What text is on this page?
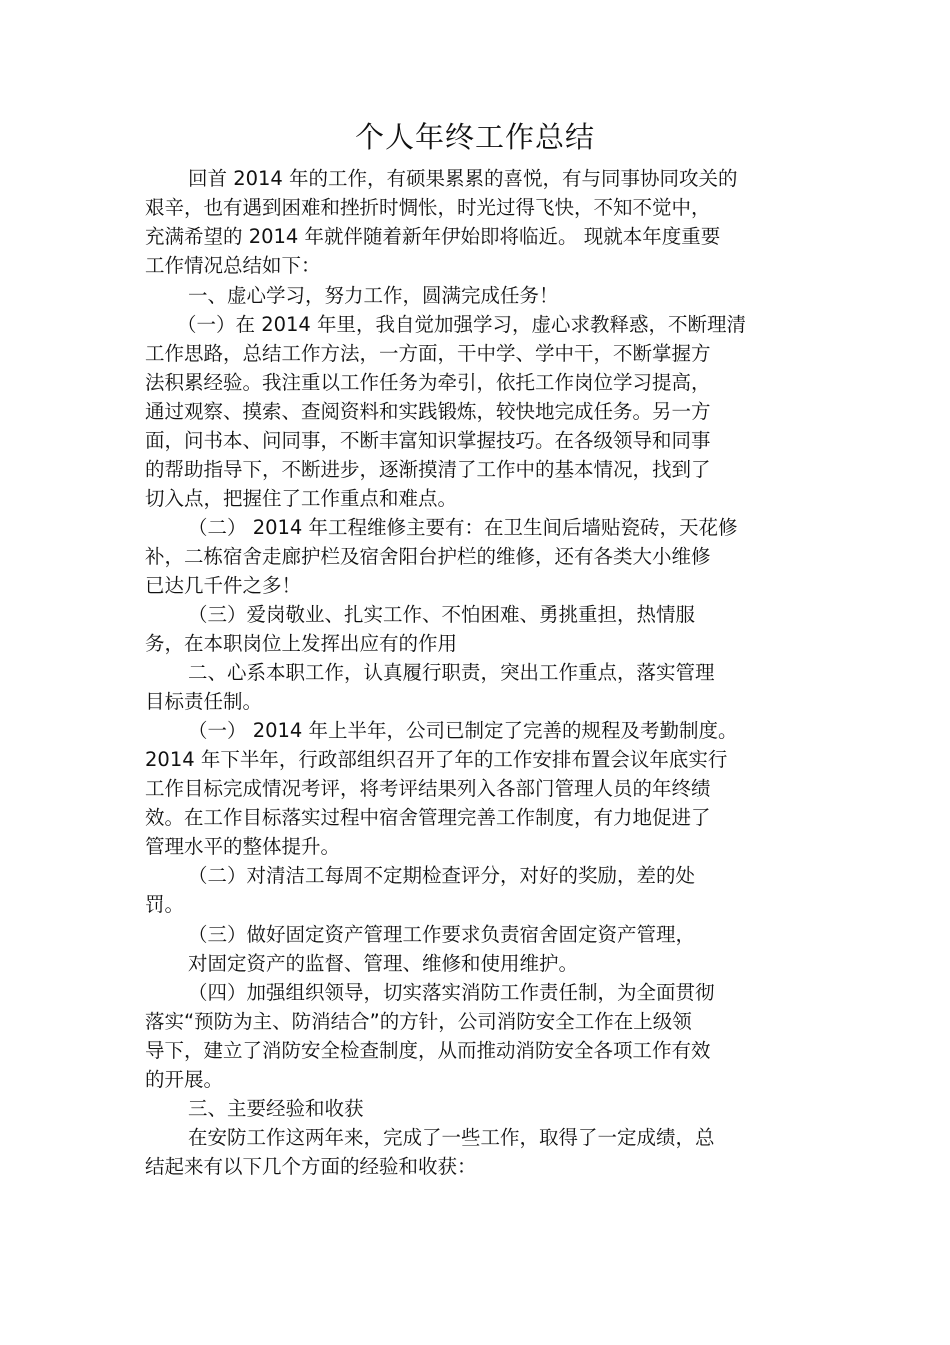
个人年终工作总结
回首 2014 年的工作，有硕果累累的喜悦，有与同事协同攻关的
艰辛，也有遇到困难和挫折时惆怅，时光过得飞快，不知不觉中，
充满希望的 2014 年就伴随着新年伊始即将临近。 现就本年度重要
工作情况总结如下：
一、虚心学习，努力工作，圆满完成任务！
（一）在 2014 年里，我自觉加强学习，虚心求教释惑，不断理清
工作思路，总结工作方法，一方面，干中学、学中干，不断掌握方
法积累经验。我注重以工作任务为牵引，依托工作岗位学习提高，
通过观察、摸索、查阅资料和实践锻炼，较快地完成任务。另一方
面，问书本、问同事，不断丰富知识掌握技巧。在各级领导和同事
的帮助指导下，不断进步，逐渐摸清了工作中的基本情况，找到了
切入点，把握住了工作重点和难点。
（二） 2014 年工程维修主要有：在卫生间后墙贴瓷砖，天花修
补，二栋宿舍走廊护栏及宿舍阳台护栏的维修，还有各类大小维修
已达几千件之多！
（三）爱岗敬业、扎实工作、不怕困难、勇挑重担，热情服
务，在本职岗位上发挥出应有的作用
二、心系本职工作，认真履行职责，突出工作重点，落实管理
目标责任制。
（一） 2014 年上半年，公司已制定了完善的规程及考勤制度。
2014 年下半年，行政部组织召开了年的工作安排布置会议年底实行
工作目标完成情况考评，将考评结果列入各部门管理人员的年终绩
效。在工作目标落实过程中宿舍管理完善工作制度，有力地促进了
管理水平的整体提升。
（二）对清洁工每周不定期检查评分，对好的奖励，差的处
罚。
（三）做好固定资产管理工作要求负责宿舍固定资产管理，
对固定资产的监督、管理、维修和使用维护。
（四）加强组织领导，切实落实消防工作责任制，为全面贯彻
落实“预防为主、防消结合”的方针，公司消防安全工作在上级领
导下，建立了消防安全检查制度，从而推动消防安全各项工作有效
的开展。
三、主要经验和收获
在安防工作这两年来，完成了一些工作，取得了一定成绩，总
结起来有以下几个方面的经验和收获：
